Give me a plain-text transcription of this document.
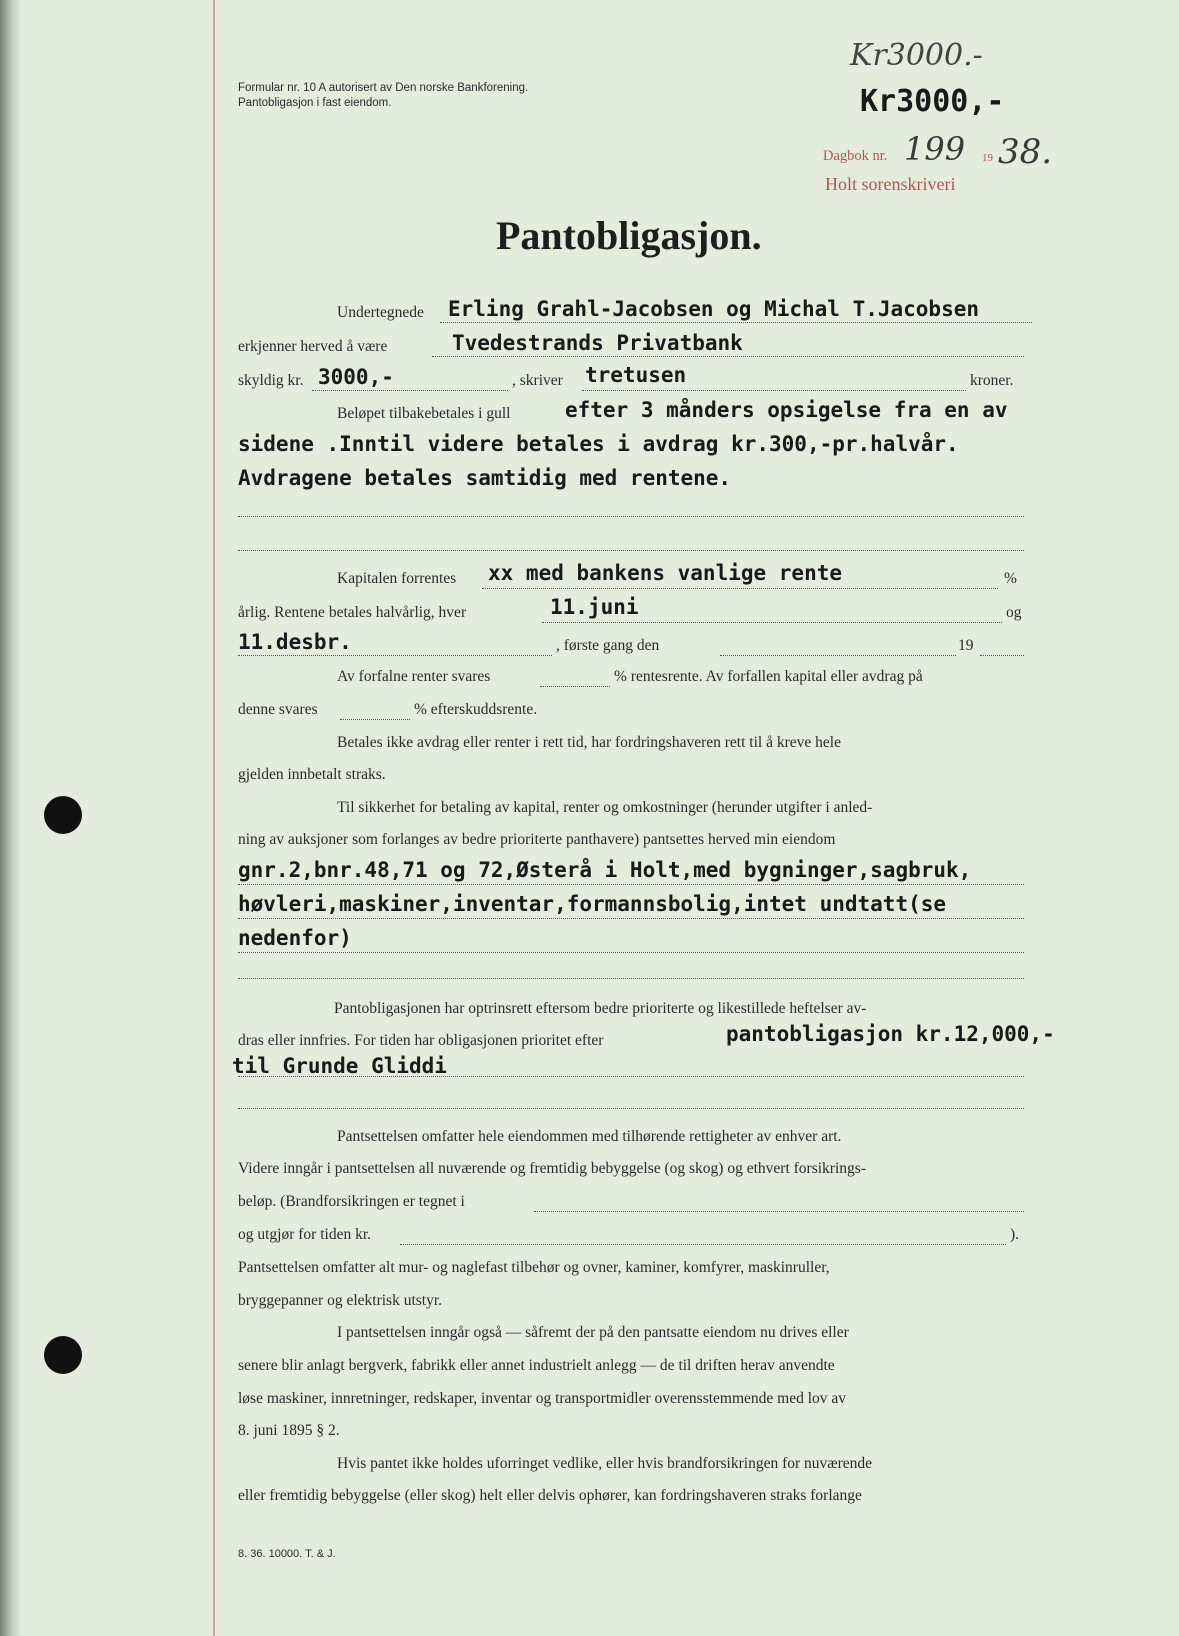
Formular nr. 10 A autorisert av Den norske Bankforening.
Pantobligasjon i fast eiendom.
Kr3000.-
Kr3000,-
Dagbok nr. 199 19 38.
Holt sorenskriveri
Pantobligasjon.
Undertegnede Erling Grahl-Jacobsen og Michal T.Jacobsen
erkjenner herved å være	Tvedestrands Privatbank
skyldig kr. 3000,-	, skriver tretusen	kroner.
Beløpet tilbakebetales i gull	efter 3 månders opsigelse fra en av
sidene .Inntil videre betales i avdrag kr.300,-pr.halvår.
Avdragene betales samtidig med rentene.
Kapitalen forrentes xx med bankens vanlige rente	%
årlig. Rentene betales halvårlig, hver	11.juni	og
11.desbr.	, første gang den	19
Av forfalne renter svares	% rentesrente. Av forfallen kapital eller avdrag på
denne svares	% efterskuddsrente.
Betales ikke avdrag eller renter i rett tid, har fordringshaveren rett til å kreve hele
gjelden innbetalt straks.
Til sikkerhet for betaling av kapital, renter og omkostninger (herunder utgifter i anled-
ning av auksjoner som forlanges av bedre prioriterte panthavere) pantsettes herved min eiendom
gnr.2,bnr.48,71 og 72,Østerå i Holt,med bygninger,sagbruk,
høvleri,maskiner,inventar,formannsbolig,intet undtatt(se
nedenfor)
Pantobligasjonen har optrinsrett eftersom bedre prioriterte og likestillede heftelser av-
dras eller innfries. For tiden har obligasjonen prioritet efter	pantobligasjon kr.12,000,-
til Grunde Gliddi
Pantsettelsen omfatter hele eiendommen med tilhørende rettigheter av enhver art.
Videre inngår i pantsettelsen all nuværende og fremtidig bebyggelse (og skog) og ethvert forsikrings-
beløp. (Brandforsikringen er tegnet i
og utgjør for tiden kr.	).
Pantsettelsen omfatter alt mur- og naglefast tilbehør og ovner, kaminer, komfyrer, maskinruller,
bryggepanner og elektrisk utstyr.
I pantsettelsen inngår også — såfremt der på den pantsatte eiendom nu drives eller
senere blir anlagt bergverk, fabrikk eller annet industrielt anlegg — de til driften herav anvendte
løse maskiner, innretninger, redskaper, inventar og transportmidler overensstemmende med lov av
8. juni 1895 § 2.
Hvis pantet ikke holdes uforringet vedlike, eller hvis brandforsikringen for nuværende
eller fremtidig bebyggelse (eller skog) helt eller delvis ophører, kan fordringshaveren straks forlange
8. 36. 10000. T. & J.
